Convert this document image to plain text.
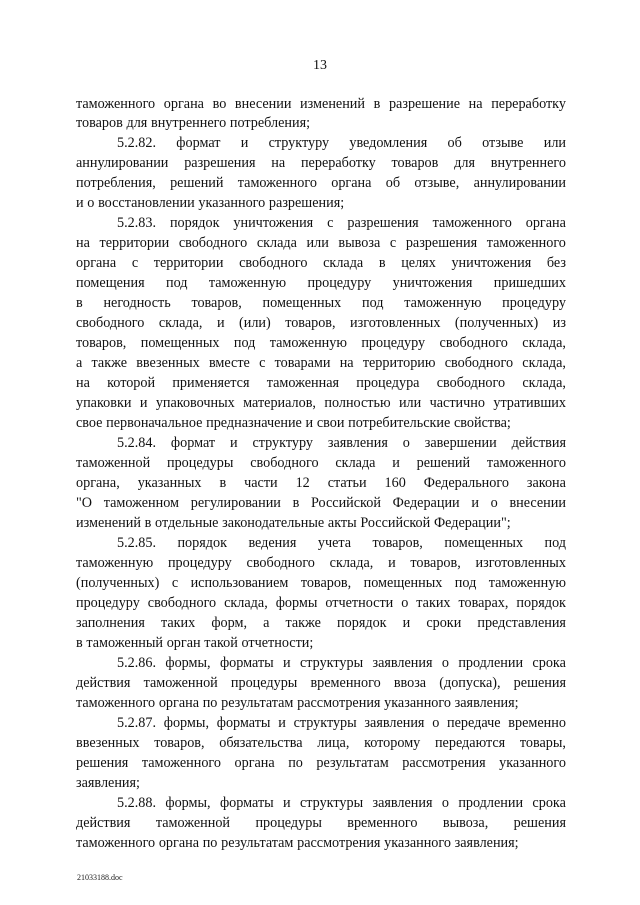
13
таможенного органа во внесении изменений в разрешение на переработку
товаров для внутреннего потребления;
5.2.82. формат и структуру уведомления об отзыве или
аннулировании разрешения на переработку товаров для внутреннего
потребления, решений таможенного органа об отзыве, аннулировании
и о восстановлении указанного разрешения;
5.2.83. порядок уничтожения с разрешения таможенного органа
на территории свободного склада или вывоза с разрешения таможенного
органа с территории свободного склада в целях уничтожения без
помещения под таможенную процедуру уничтожения пришедших
в негодность товаров, помещенных под таможенную процедуру
свободного склада, и (или) товаров, изготовленных (полученных) из
товаров, помещенных под таможенную процедуру свободного склада,
а также ввезенных вместе с товарами на территорию свободного склада,
на которой применяется таможенная процедура свободного склада,
упаковки и упаковочных материалов, полностью или частично утративших
свое первоначальное предназначение и свои потребительские свойства;
5.2.84. формат и структуру заявления о завершении действия
таможенной процедуры свободного склада и решений таможенного
органа, указанных в части 12 статьи 160 Федерального закона
"О таможенном регулировании в Российской Федерации и о внесении
изменений в отдельные законодательные акты Российской Федерации";
5.2.85. порядок ведения учета товаров, помещенных под
таможенную процедуру свободного склада, и товаров, изготовленных
(полученных) с использованием товаров, помещенных под таможенную
процедуру свободного склада, формы отчетности о таких товарах, порядок
заполнения таких форм, а также порядок и сроки представления
в таможенный орган такой отчетности;
5.2.86. формы, форматы и структуры заявления о продлении срока
действия таможенной процедуры временного ввоза (допуска), решения
таможенного органа по результатам рассмотрения указанного заявления;
5.2.87. формы, форматы и структуры заявления о передаче временно
ввезенных товаров, обязательства лица, которому передаются товары,
решения таможенного органа по результатам рассмотрения указанного
заявления;
5.2.88. формы, форматы и структуры заявления о продлении срока
действия таможенной процедуры временного вывоза, решения
таможенного органа по результатам рассмотрения указанного заявления;
21033188.doc
